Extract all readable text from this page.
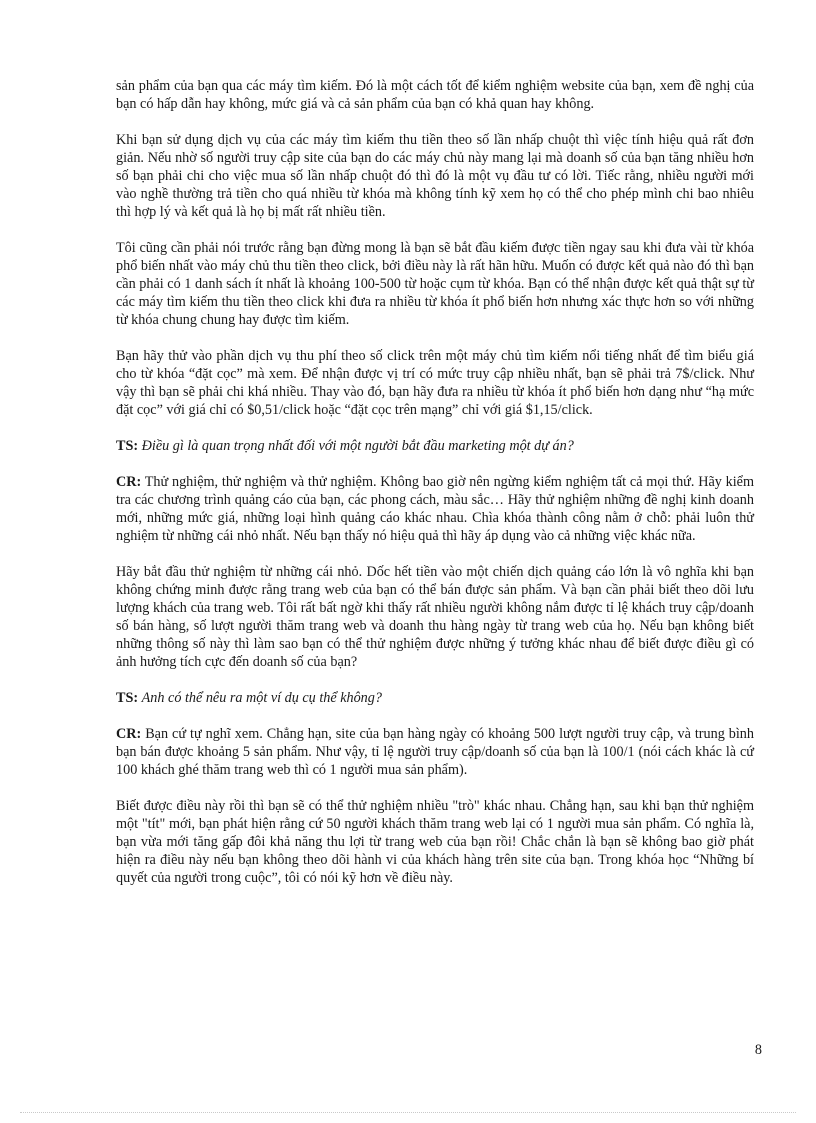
sản phẩm của bạn qua các máy tìm kiếm. Đó là một cách tốt để kiểm nghiệm website của bạn, xem đề nghị của bạn có hấp dẫn hay không, mức giá và cả sản phẩm của bạn có khả quan hay không.

Khi bạn sử dụng dịch vụ của các máy tìm kiếm thu tiền theo số lần nhấp chuột thì việc tính hiệu quả rất đơn giản. Nếu nhờ số người truy cập site của bạn do các máy chủ này mang lại mà doanh số của bạn tăng nhiều hơn số bạn phải chi cho việc mua số lần nhấp chuột đó thì đó là một vụ đầu tư có lời. Tiếc rằng, nhiều người mới vào nghề thường trả tiền cho quá nhiều từ khóa mà không tính kỹ xem họ có thể cho phép mình chi bao nhiêu thì hợp lý và kết quả là họ bị mất rất nhiều tiền.

Tôi cũng cần phải nói trước rằng bạn đừng mong là bạn sẽ bắt đầu kiếm được tiền ngay sau khi đưa vài từ khóa phổ biến nhất vào máy chủ thu tiền theo click, bởi điều này là rất hãn hữu. Muốn có được kết quả nào đó thì bạn cần phải có 1 danh sách ít nhất là khoảng 100-500 từ hoặc cụm từ khóa. Bạn có thể nhận được kết quả thật sự từ các máy tìm kiếm thu tiền theo click khi đưa ra nhiều từ khóa ít phổ biến hơn nhưng xác thực hơn so với những từ khóa chung chung hay được tìm kiếm.

Bạn hãy thử vào phần dịch vụ thu phí theo số click trên một máy chủ tìm kiếm nổi tiếng nhất để tìm biểu giá cho từ khóa “đặt cọc” mà xem. Để nhận được vị trí có mức truy cập nhiều nhất, bạn sẽ phải trả 7$/click. Như vậy thì bạn sẽ phải chi khá nhiều. Thay vào đó, bạn hãy đưa ra nhiều từ khóa ít phổ biến hơn dạng như “hạ mức đặt cọc” với giá chỉ có $0,51/click hoặc “đặt cọc trên mạng” chỉ với giá $1,15/click.

TS: Điều gì là quan trọng nhất đối với một người bắt đầu marketing một dự án?

CR: Thử nghiệm, thử nghiệm và thử nghiệm. Không bao giờ nên ngừng kiểm nghiệm tất cả mọi thứ. Hãy kiểm tra các chương trình quảng cáo của bạn, các phong cách, màu sắc… Hãy thử nghiệm những đề nghị kinh doanh mới, những mức giá, những loại hình quảng cáo khác nhau. Chìa khóa thành công nằm ở chỗ: phải luôn thử nghiệm từ những cái nhỏ nhất. Nếu bạn thấy nó hiệu quả thì hãy áp dụng vào cả những việc khác nữa.

Hãy bắt đầu thử nghiệm từ những cái nhỏ. Dốc hết tiền vào một chiến dịch quảng cáo lớn là vô nghĩa khi bạn không chứng minh được rằng trang web của bạn có thể bán được sản phẩm. Và bạn cần phải biết theo dõi lưu lượng khách của trang web. Tôi rất bất ngờ khi thấy rất nhiều người không nắm được tỉ lệ khách truy cập/doanh số bán hàng, số lượt người thăm trang web và doanh thu hàng ngày từ trang web của họ. Nếu bạn không biết những thông số này thì làm sao bạn có thể thử nghiệm được những ý tưởng khác nhau để biết được điều gì có ảnh hưởng tích cực đến doanh số của bạn?

TS: Anh có thể nêu ra một ví dụ cụ thể không?

CR: Bạn cứ tự nghĩ xem. Chẳng hạn, site của bạn hàng ngày có khoảng 500 lượt người truy cập, và trung bình bạn bán được khoảng 5 sản phẩm. Như vậy, tỉ lệ người truy cập/doanh số của bạn là 100/1 (nói cách khác là cứ 100 khách ghé thăm trang web thì có 1 người mua sản phẩm).

Biết được điều này rồi thì bạn sẽ có thể thử nghiệm nhiều "trò" khác nhau. Chẳng hạn, sau khi bạn thử nghiệm một "tít" mới, bạn phát hiện rằng cứ 50 người khách thăm trang web lại có 1 người mua sản phẩm. Có nghĩa là, bạn vừa mới tăng gấp đôi khả năng thu lợi từ trang web của bạn rồi! Chắc chắn là bạn sẽ không bao giờ phát hiện ra điều này nếu bạn không theo dõi hành vi của khách hàng trên site của bạn. Trong khóa học “Những bí quyết của người trong cuộc”, tôi có nói kỹ hơn về điều này.

8
